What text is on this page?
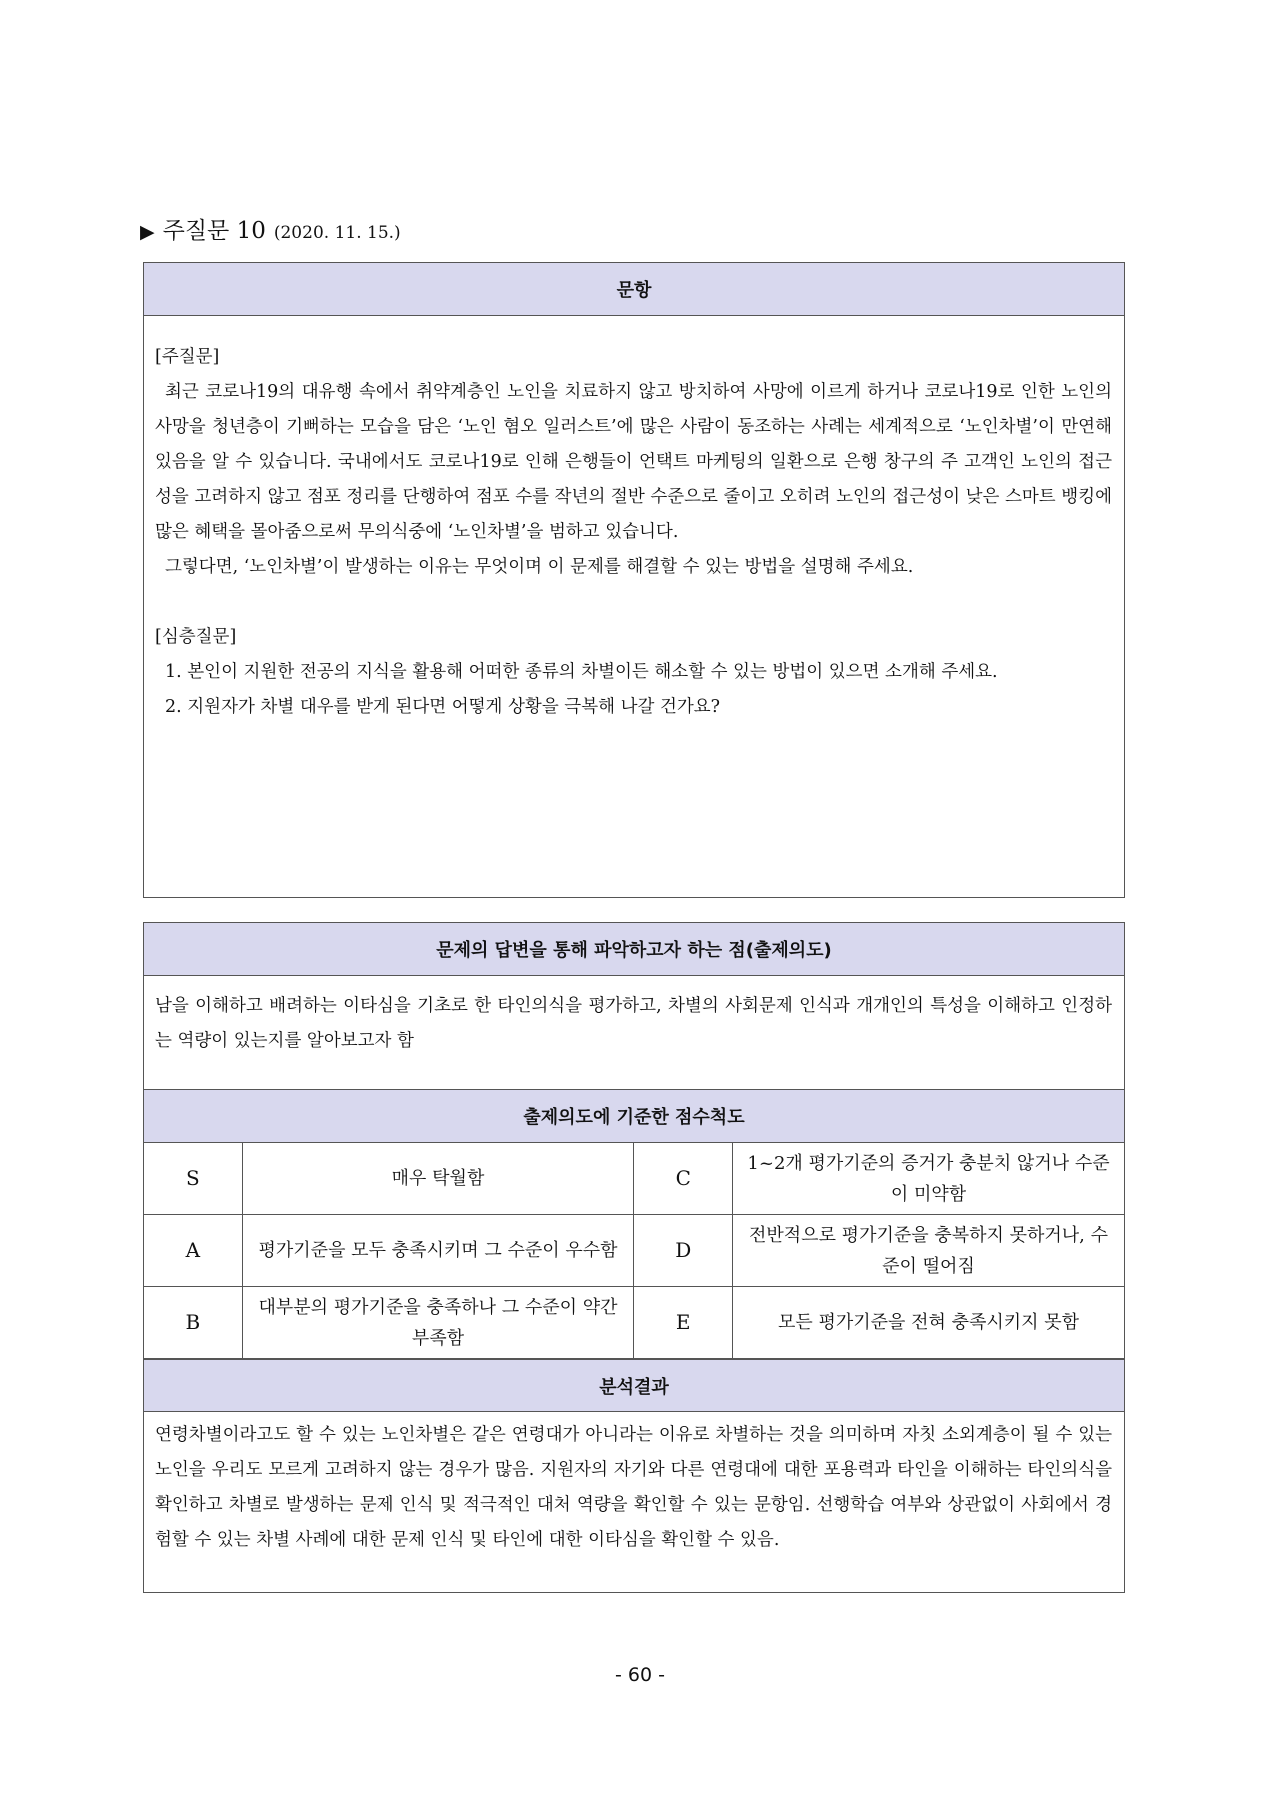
▶ 주질문 10 (2020. 11. 15.)
문항

[주질문]

최근 코로나19의 대유행 속에서 취약계층인 노인을 치료하지 않고 방치하여 사망에 이르게 하거나 코로나19로 인한 노인의 사망을 청년층이 기뻐하는 모습을 담은 ‘노인 혐오 일러스트’에 많은 사람이 동조하는 사례는 세계적으로 ‘노인차별’이 만연해 있음을 알 수 있습니다. 국내에서도 코로나19로 인해 은행들이 언택트 마케팅의 일환으로 은행 창구의 주 고객인 노인의 접근성을 고려하지 않고 점포 정리를 단행하여 점포 수를 작년의 절반 수준으로 줄이고 오히려 노인의 접근성이 낮은 스마트 뱅킹에 많은 혜택을 몰아줌으로써 무의식중에 ‘노인차별’을 범하고 있습니다.

그렇다면, ‘노인차별’이 발생하는 이유는 무엇이며 이 문제를 해결할 수 있는 방법을 설명해 주세요.

[심층질문]

1. 본인이 지원한 전공의 지식을 활용해 어떠한 종류의 차별이든 해소할 수 있는 방법이 있으면 소개해 주세요.

2. 지원자가 차별 대우를 받게 된다면 어떻게 상황을 극복해 나갈 건가요?

문제의 답변을 통해 파악하고자 하는 점(출제의도)
남을 이해하고 배려하는 이타심을 기초로 한 타인의식을 평가하고, 차별의 사회문제 인식과 개개인의 특성을 이해하고 인정하는 역량이 있는지를 알아보고자 함
출제의도에 기준한 점수척도
S	매우 탁월함	C	1~2개 평가기준의 증거가 충분치 않거나 수준이 미약함
A	평가기준을 모두 충족시키며 그 수준이 우수함	D	전반적으로 평가기준을 충복하지 못하거나, 수준이 떨어짐
B	대부분의 평가기준을 충족하나 그 수준이 약간 부족함	E	모든 평가기준을 전혀 충족시키지 못함
분석결과
연령차별이라고도 할 수 있는 노인차별은 같은 연령대가 아니라는 이유로 차별하는 것을 의미하며 자칫 소외계층이 될 수 있는 노인을 우리도 모르게 고려하지 않는 경우가 많음. 지원자의 자기와 다른 연령대에 대한 포용력과 타인을 이해하는 타인의식을 확인하고 차별로 발생하는 문제 인식 및 적극적인 대처 역량을 확인할 수 있는 문항임. 선행학습 여부와 상관없이 사회에서 경험할 수 있는 차별 사례에 대한 문제 인식 및 타인에 대한 이타심을 확인할 수 있음.
- 60 -
